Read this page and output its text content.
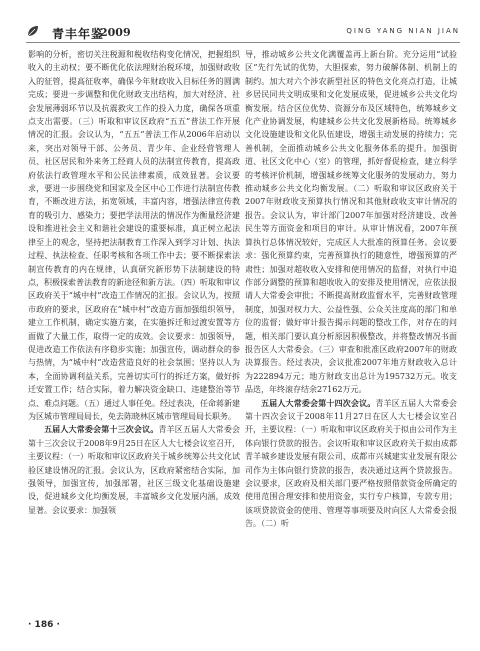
青丰年鉴
2009	QING YANG NIAN JIAN

影响的分析，密切关注税源和税收结构变化情况，把握组织收入的主动权；要不断优化依法理财治税环境，加强财政收入的征管，提高征收率，确保今年财政收入目标任务的圆满完成；要进一步调整和优化财政支出结构，加大对经济、社会发展薄弱环节以及抗震救灾工作的投入力度，确保各项重点支出需要。（三）听取和审议区政府“五五”普法工作开展情况的汇报。会议认为，“五五”普法工作从2006年启动以来，突出对领导干部、公务员、青少年、企业经营管理人员、社区居民和外来务工经商人员的法制宣传教育，提高政府依法行政管理水平和公民法律素质，成效显著。会议要求，要进一步围绕党和国家及全区中心工作进行法制宣传教育，不断改进方法，拓宽领域，丰富内容，增强法律宣传教育的吸引力、感染力；要把学法用法的情况作为衡量经济建设和推进社会主义和谐社会建设的重要标准，真正树立起法律至上的观念，坚持把法制教育工作深入到学习计划、执法过程、执法检查、任职考核和各项工作中去；要不断探索法制宣传教育的内在规律，认真研究新形势下法制建设的特点，积极探索普法教育的新途径和新方法。（四）听取和审议区政府关于“城中村”改造工作情况的汇报。会议认为，按照市政府的要求，区政府在“城中村”改造方面加强组织领导，建立工作机制，确定实施方案，在实施拆迁和过渡安置等方面做了大量工作，取得一定的成效。会议要求：加强领导，促进改造工作依法有序稳步实施；加强宣传，调动群众的参与热情，为“城中村”改造营造良好的社会氛围；坚持以人为本，全面协调利益关系，完善切实可行的拆迁方案，做好拆迁安置工作；结合实际，着力解决资金缺口、违建整治等节点、难点问题。（五）通过人事任免。经过表决，任命蒋新建为区城市管理局局长，免去陈晓林区城市管理局局长职务。

五届人大常委会第十三次会议。青羊区五届人大常委会第十三次会议于2008年9月25日在区人大七楼会议室召开，主要议程：（一）听取和审议区政府关于城乡统筹公共文化试验区建设情况的汇报。会议认为，区政府紧密结合实际，加强领导，加强宣传，加强部署，社区三级文化基础设施建设，促进城乡文化均衡发展，丰富城乡文化发展内涵，成效显著。会议要求：加强领

导，推动城乡公共文化满覆盖再上新台阶。充分运用“试验区”先行先试的优势，大胆探索，努力破解体制、机制上的制约。加大对六个涉农新型社区的特色文化亮点打造，让城乡居民同共文明成果和文化发展成果，促进城乡公共文化均衡发展。结合区位优势、资源分布及区域特色，统筹城乡文化产业协调发展，构建城乡公共文化发展新格局。统筹城乡文化设施建设和文化队伍建设，增强主动发展的持续力；完善机制，全面推动城乡公共文化服务体系的提升。加强街道、社区文化中心（室）的管理，抓好督促检查，建立科学的考核评价机制，增强城乡统筹文化服务的发展动力，努力推动城乡公共文化均衡发展。（二）听取和审议区政府关于2007年财政收支预算执行情况和其他财政收支审计情况的报告。会议认为，审计部门2007年加强对经济建设、改善民生等方面资金和项目的审计。从审计情况看，2007年预算执行总体情况较好，完成区人大批准的预算任务。会议要求：强化预算约束，完善预算执行的随意性，增强预算的严肃性；加强对超收收入安排和使用情况的监督，对执行中追作部分调整的预算和超收收入的安排及使用情况，应依法报请人大常委会审批；不断提高财政监督水平，完善财政管理制度，加强对权力大、公益性强、公众关注度高的部门和单位的监督；做好审计报告揭示问题的整改工作，对存在的问题，相关部门要认真分析原因积极整改，并将整改情况书面报告区人大常委会。（三）审查和批准区政府2007年的财政决算报告。经过表决，会议批准2007年地方财政收入总计为222894万元；地方财政支出总计为195732万元。收支品迭，年终滚存结余27162万元。

五届人大常委会第十四次会议。青羊区五届人大常委会第十四次会议于2008年11月27日在区人大七楼会议室召开，主要议程：（一）听取和审议区政府关于拟由公司作为主体向银行贷款的报告。会议听取和审议区政府关于拟由成都青羊城乡建设发展有限公司、成都市兴城建实业发展有限公司作为主体向银行贷款的报告，表决通过这两个贷款报告。会议要求，区政府及相关部门要严格按照借款资金所确定的使用范围合理安排和使用资金，实行专户核算，专款专用；该项贷款资金的使用、管理等事项要及时向区人大常委会报告。（二）听

· 186 ·
